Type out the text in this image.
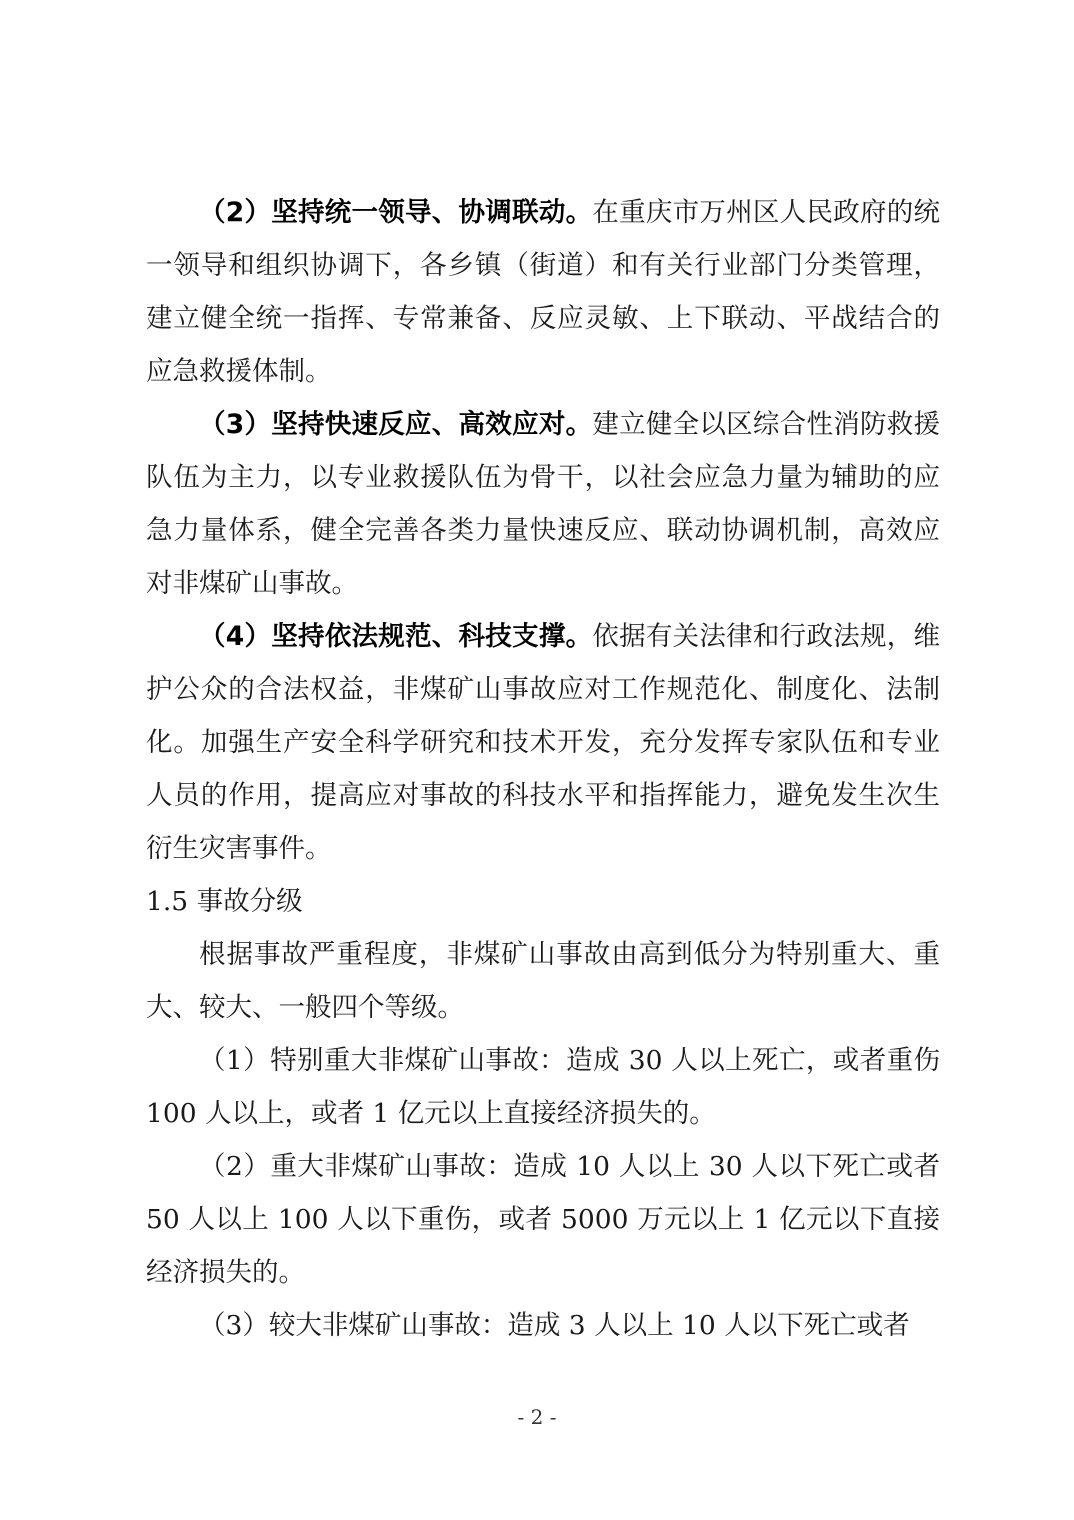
（2）坚持统一领导、协调联动。在重庆市万州区人民政府的统一领导和组织协调下，各乡镇（街道）和有关行业部门分类管理，建立健全统一指挥、专常兼备、反应灵敏、上下联动、平战结合的应急救援体制。

（3）坚持快速反应、高效应对。建立健全以区综合性消防救援队伍为主力，以专业救援队伍为骨干，以社会应急力量为辅助的应急力量体系，健全完善各类力量快速反应、联动协调机制，高效应对非煤矿山事故。

（4）坚持依法规范、科技支撑。依据有关法律和行政法规，维护公众的合法权益，非煤矿山事故应对工作规范化、制度化、法制化。加强生产安全科学研究和技术开发，充分发挥专家队伍和专业人员的作用，提高应对事故的科技水平和指挥能力，避免发生次生衍生灾害事件。

1.5 事故分级

根据事故严重程度，非煤矿山事故由高到低分为特别重大、重大、较大、一般四个等级。

（1）特别重大非煤矿山事故：造成 30 人以上死亡，或者重伤 100 人以上，或者 1 亿元以上直接经济损失的。

（2）重大非煤矿山事故：造成 10 人以上 30 人以下死亡或者 50 人以上 100 人以下重伤，或者 5000 万元以上 1 亿元以下直接经济损失的。

（3）较大非煤矿山事故：造成 3 人以上 10 人以下死亡或者

- 2 -
